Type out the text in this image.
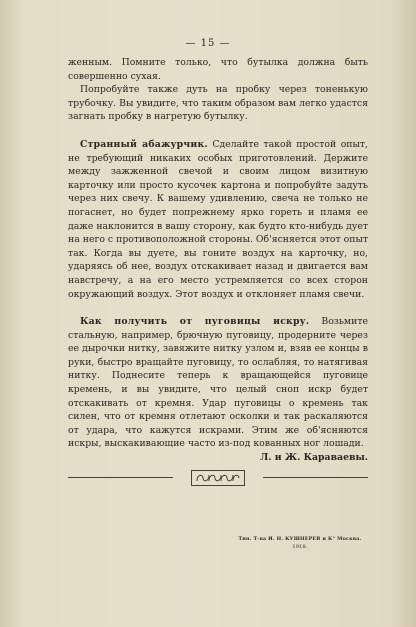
— 15 —

женным. Помните только, что бутылка должна быть совершенно сухая.

Попробуйте также дуть на пробку через тоненькую трубочку. Вы увидите, что таким образом вам легко удастся загнать пробку в нагретую бутылку.

Странный абажурчик. Сделайте такой простой опыт, не требующий никаких особых приготовлений. Держите между зажженной свечой и своим лицом визитную карточку или просто кусочек картона и попробуйте задуть через них свечу. К вашему удивлению, свеча не только не погаснет, но будет попрежнему ярко гореть и пламя ее даже наклонится в вашу сторону, как будто кто-нибудь дует на него с противоположной стороны. Об'ясняется этот опыт так. Когда вы дуете, вы гоните воздух на карточку, но, ударяясь об нее, воздух отскакивает назад и двигается вам навстречу, а на его место устремляется со всех сторон окружающий воздух. Этот воздух и отклоняет пламя свечи.

Как получить от пуговицы искру. Возьмите стальную, например, брючную пуговицу, продерните через ее дырочки нитку, завяжите нитку узлом и, взяв ее концы в руки, быстро вращайте пуговицу, то ослабляя, то натягивая нитку. Поднесите теперь к вращающейся пуговице кремень, и вы увидите, что целый сноп искр будет отскакивать от кремня. Удар пуговицы о кремень так силен, что от кремня отлетают осколки и так раскаляются от удара, что кажутся искрами. Этим же об'ясняются искры, выскакивающие часто из-под кованных ног лошади.

Л. и Ж. Караваевы.

Тип. Т-ва И. Н. КУШНЕРЕВ и К° Москва.
1918.
